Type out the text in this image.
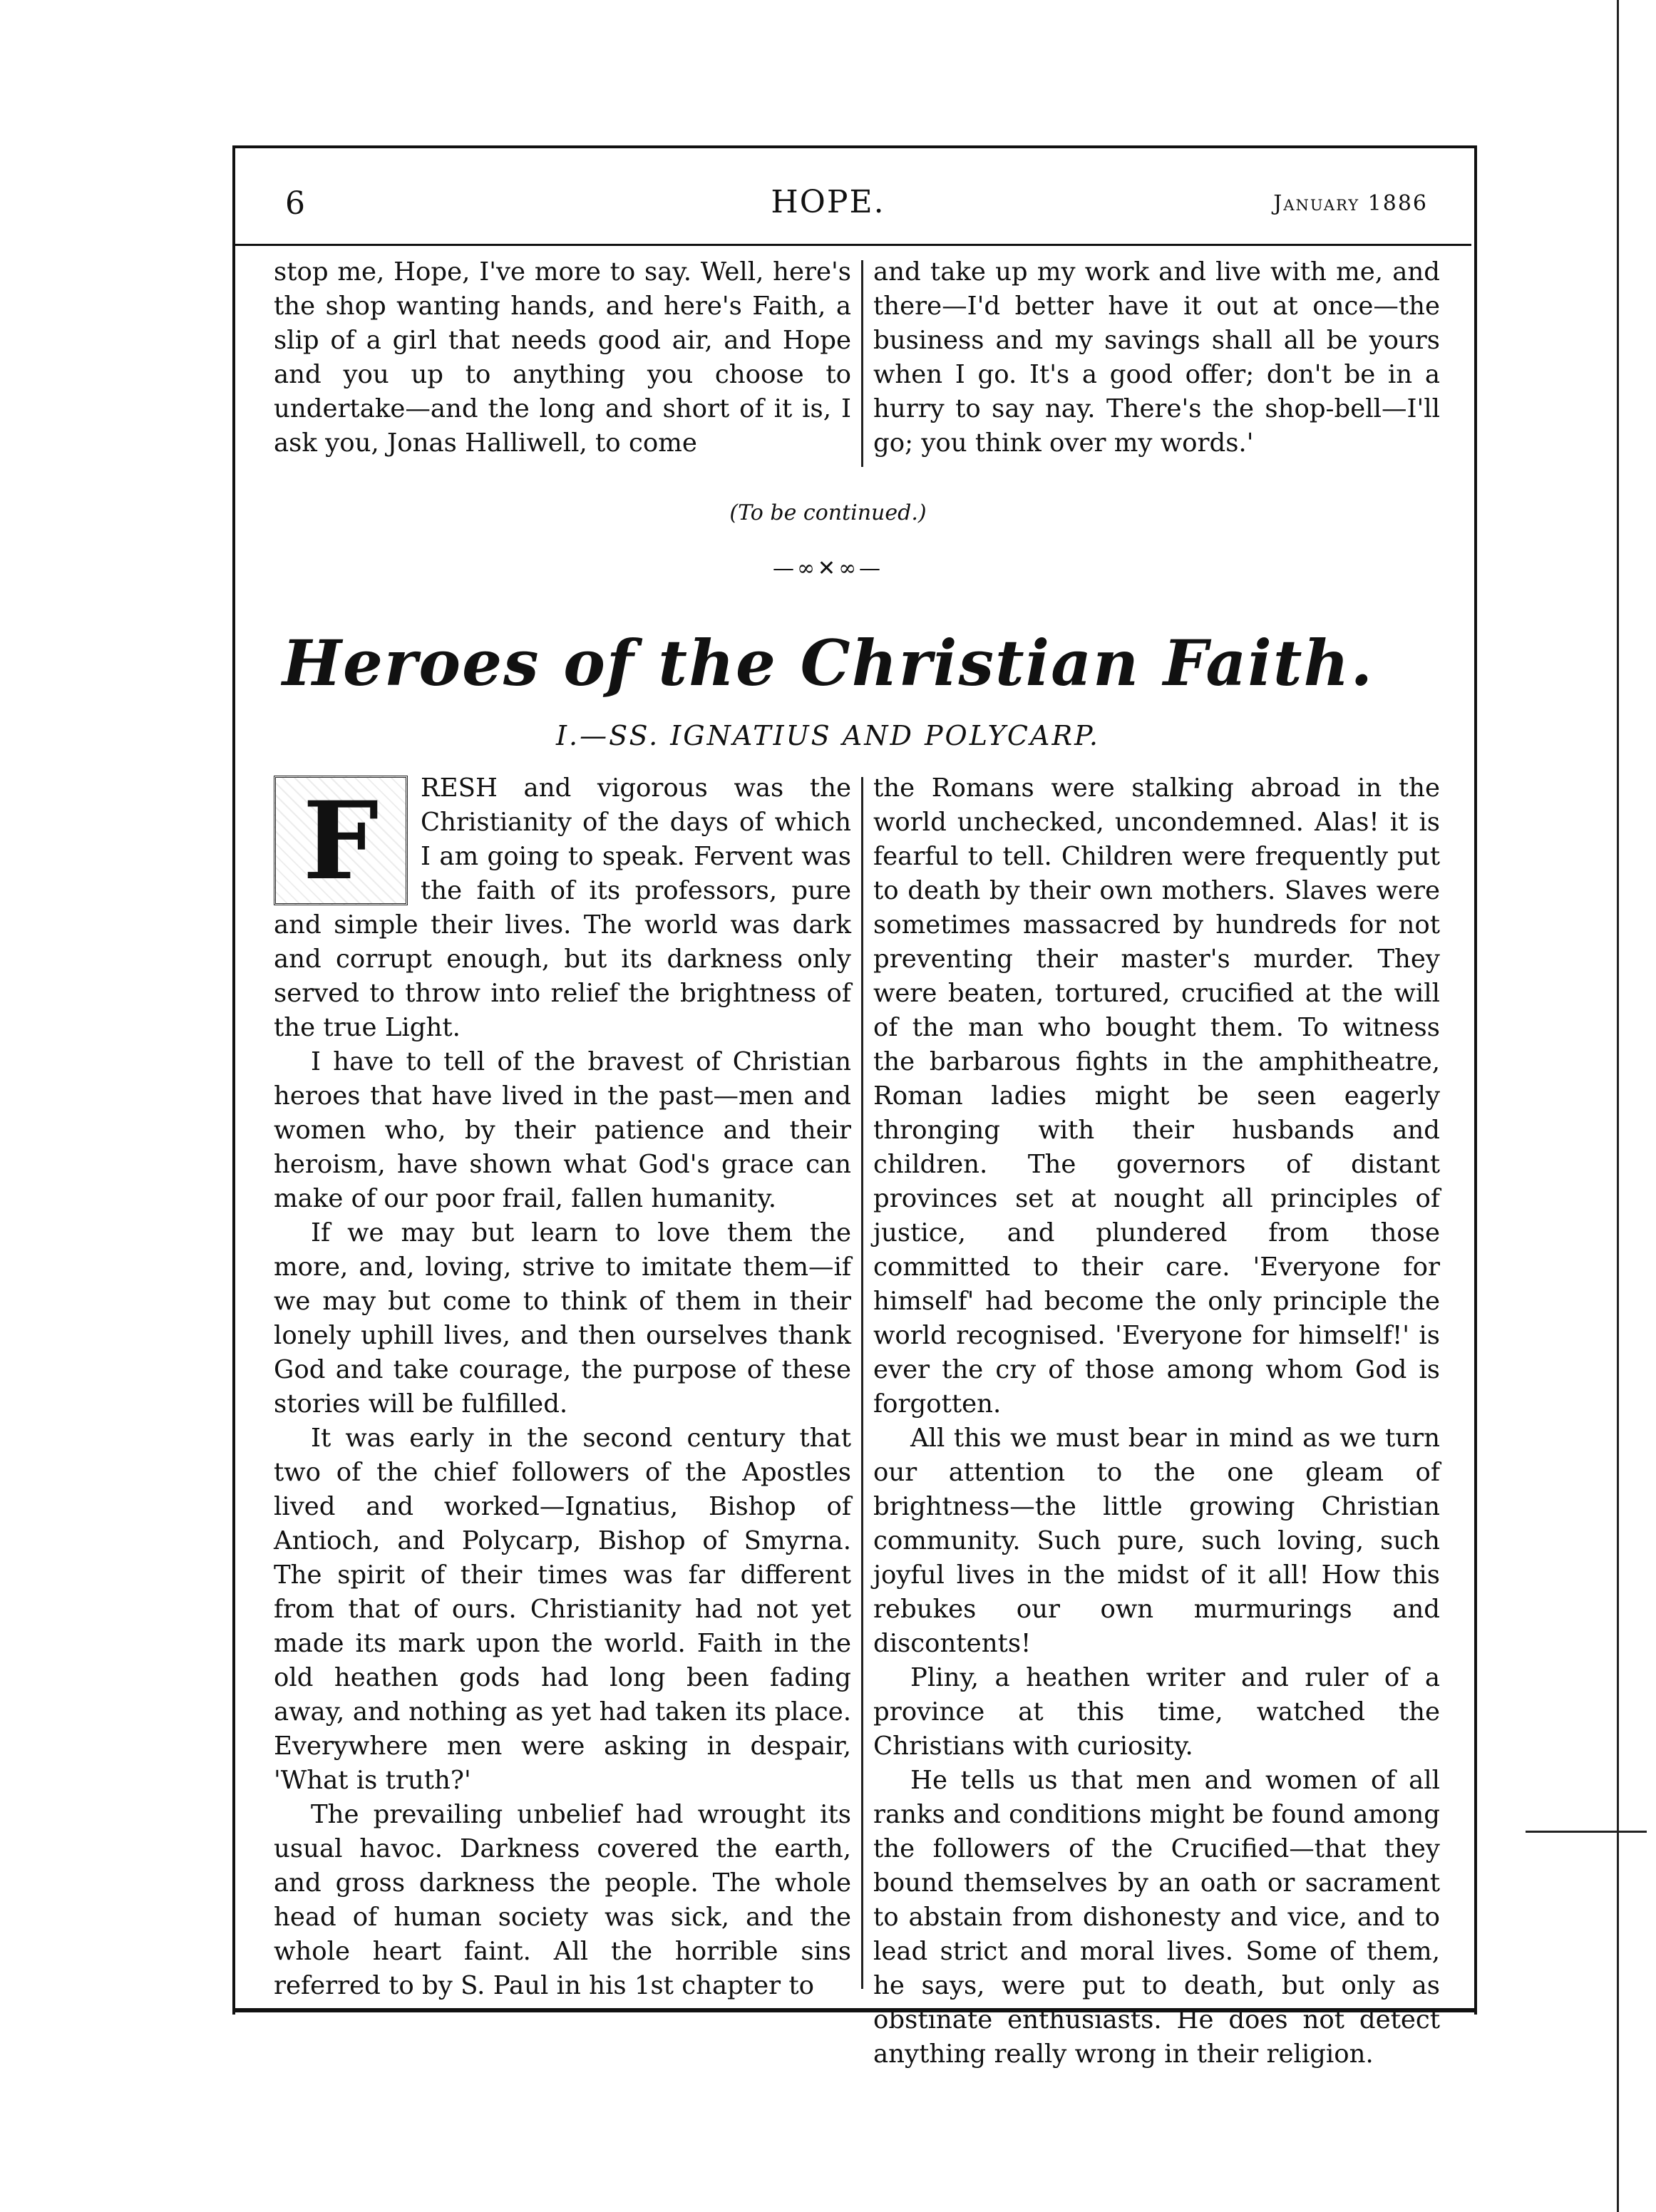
6	HOPE.	January 1886

stop me, Hope, I've more to say. Well, here's the shop wanting hands, and here's Faith, a slip of a girl that needs good air, and Hope and you up to anything you choose to undertake—and the long and short of it is, I ask you, Jonas Halliwell, to come

and take up my work and live with me, and there—I'd better have it out at once—the business and my savings shall all be yours when I go. It's a good offer; don't be in a hurry to say nay. There's the shop-bell—I'll go; you think over my words.'

(To be continued.)
—∞✕∞—
Heroes of the Christian Faith.
I.—SS. IGNATIUS AND POLYCARP.
F	RESH and vigorous was the Christianity of the days of which I am going to speak. Fervent was the faith of its professors, pure and simple their lives. The world was dark and corrupt enough, but its darkness only served to throw into relief the brightness of the true Light.

I have to tell of the bravest of Christian heroes that have lived in the past—men and women who, by their patience and their heroism, have shown what God's grace can make of our poor frail, fallen humanity.

If we may but learn to love them the more, and, loving, strive to imitate them—if we may but come to think of them in their lonely uphill lives, and then ourselves thank God and take courage, the purpose of these stories will be fulfilled.

It was early in the second century that two of the chief followers of the Apostles lived and worked—Ignatius, Bishop of Antioch, and Polycarp, Bishop of Smyrna. The spirit of their times was far different from that of ours. Christianity had not yet made its mark upon the world. Faith in the old heathen gods had long been fading away, and nothing as yet had taken its place. Everywhere men were asking in despair, 'What is truth?'

The prevailing unbelief had wrought its usual havoc. Darkness covered the earth, and gross darkness the people. The whole head of human society was sick, and the whole heart faint. All the horrible sins referred to by S. Paul in his 1st chapter to

the Romans were stalking abroad in the world unchecked, uncondemned. Alas! it is fearful to tell. Children were frequently put to death by their own mothers. Slaves were sometimes massacred by hundreds for not preventing their master's murder. They were beaten, tortured, crucified at the will of the man who bought them. To witness the barbarous fights in the amphitheatre, Roman ladies might be seen eagerly thronging with their husbands and children. The governors of distant provinces set at nought all principles of justice, and plundered from those committed to their care. 'Everyone for himself' had become the only principle the world recognised. 'Everyone for himself!' is ever the cry of those among whom God is forgotten.

All this we must bear in mind as we turn our attention to the one gleam of brightness—the little growing Christian community. Such pure, such loving, such joyful lives in the midst of it all! How this rebukes our own murmurings and discontents!

Pliny, a heathen writer and ruler of a province at this time, watched the Christians with curiosity.

He tells us that men and women of all ranks and conditions might be found among the followers of the Crucified—that they bound themselves by an oath or sacrament to abstain from dishonesty and vice, and to lead strict and moral lives. Some of them, he says, were put to death, but only as obstinate enthusiasts. He does not detect anything really wrong in their religion.
